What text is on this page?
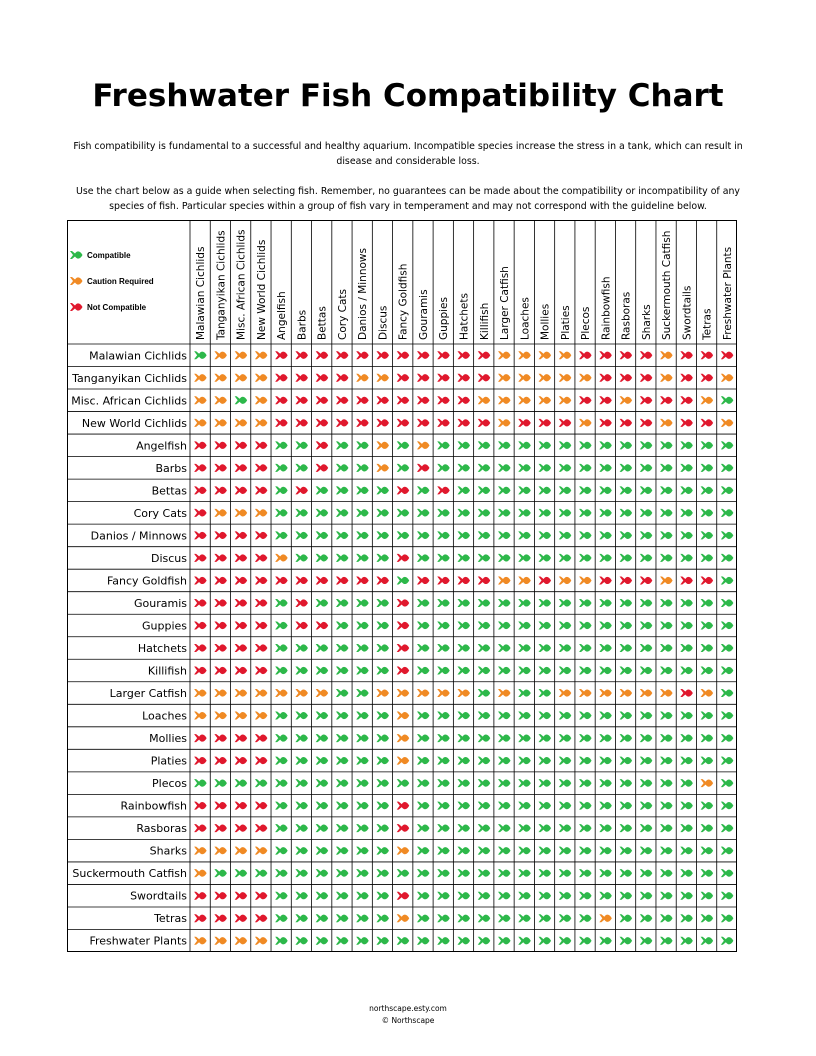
Freshwater Fish Compatibility Chart
Fish compatibility is fundamental to a successful and healthy aquarium. Incompatible species increase the stress in a tank, which can result in disease and considerable loss.
Use the chart below as a guide when selecting fish. Remember, no guarantees can be made about the compatibility or incompatibility of any species of fish. Particular species within a group of fish vary in temperament and may not correspond with the guideline below.
Compatible
Caution Required
Not Compatible	Malawian Cichlids Tanganyikan Cichlids Misc. African Cichlids New World Cichlids Angelfish Barbs Bettas Cory Cats Danios / Minnows Discus Fancy Goldfish Gouramis Guppies Hatchets Killifish Larger Catfish Loaches Mollies Platies Plecos Rainbowfish Rasboras Sharks Suckermouth Catfish Swordtails Tetras Freshwater Plants
Malawian Cichlids
Tanganyikan Cichlids
Misc. African Cichlids
New World Cichlids
Angelfish
Barbs
Bettas
Cory Cats
Danios / Minnows
Discus
Fancy Goldfish
Gouramis
Guppies
Hatchets
Killifish
Larger Catfish
Loaches
Mollies
Platies
Plecos
Rainbowfish
Rasboras
Sharks
Suckermouth Catfish
Swordtails
Tetras
Freshwater Plants
northscape.esty.com
© Northscape
